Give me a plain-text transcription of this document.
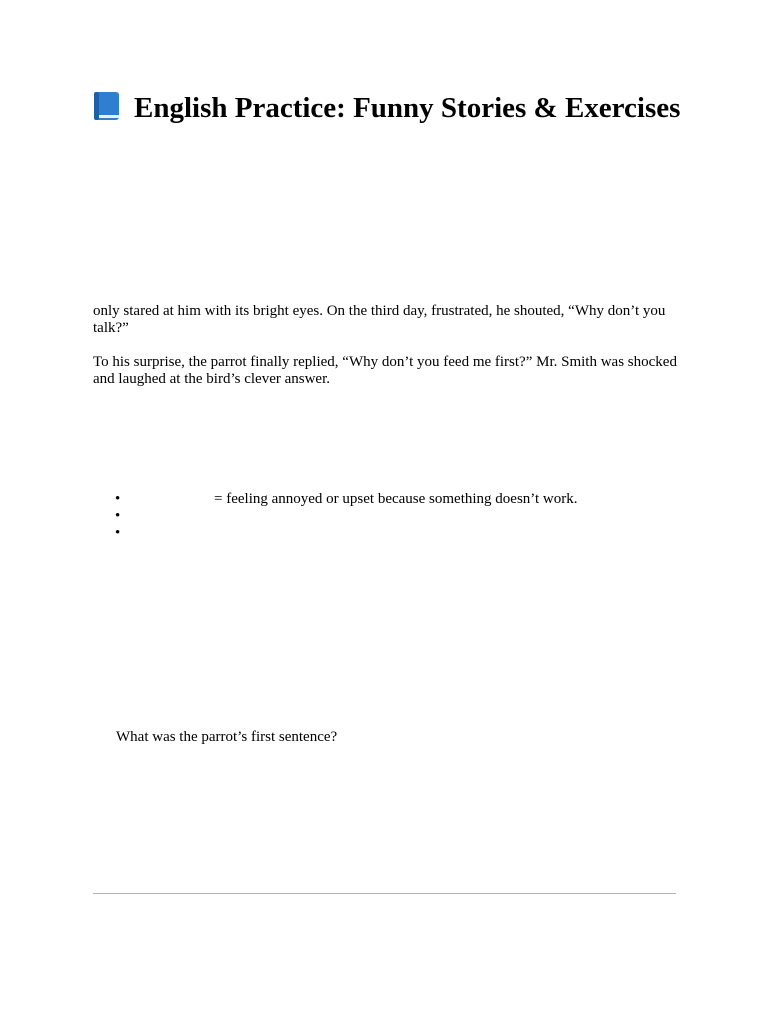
English Practice: Funny Stories & Exercises

only stared at him with its bright eyes. On the third day, frustrated, he shouted, “Why don’t you talk?”

To his surprise, the parrot finally replied, “Why don’t you feed me first?” Mr. Smith was shocked and laughed at the bird’s clever answer.

•	= feeling annoyed or upset because something doesn’t work.
•
•

What was the parrot’s first sentence?
